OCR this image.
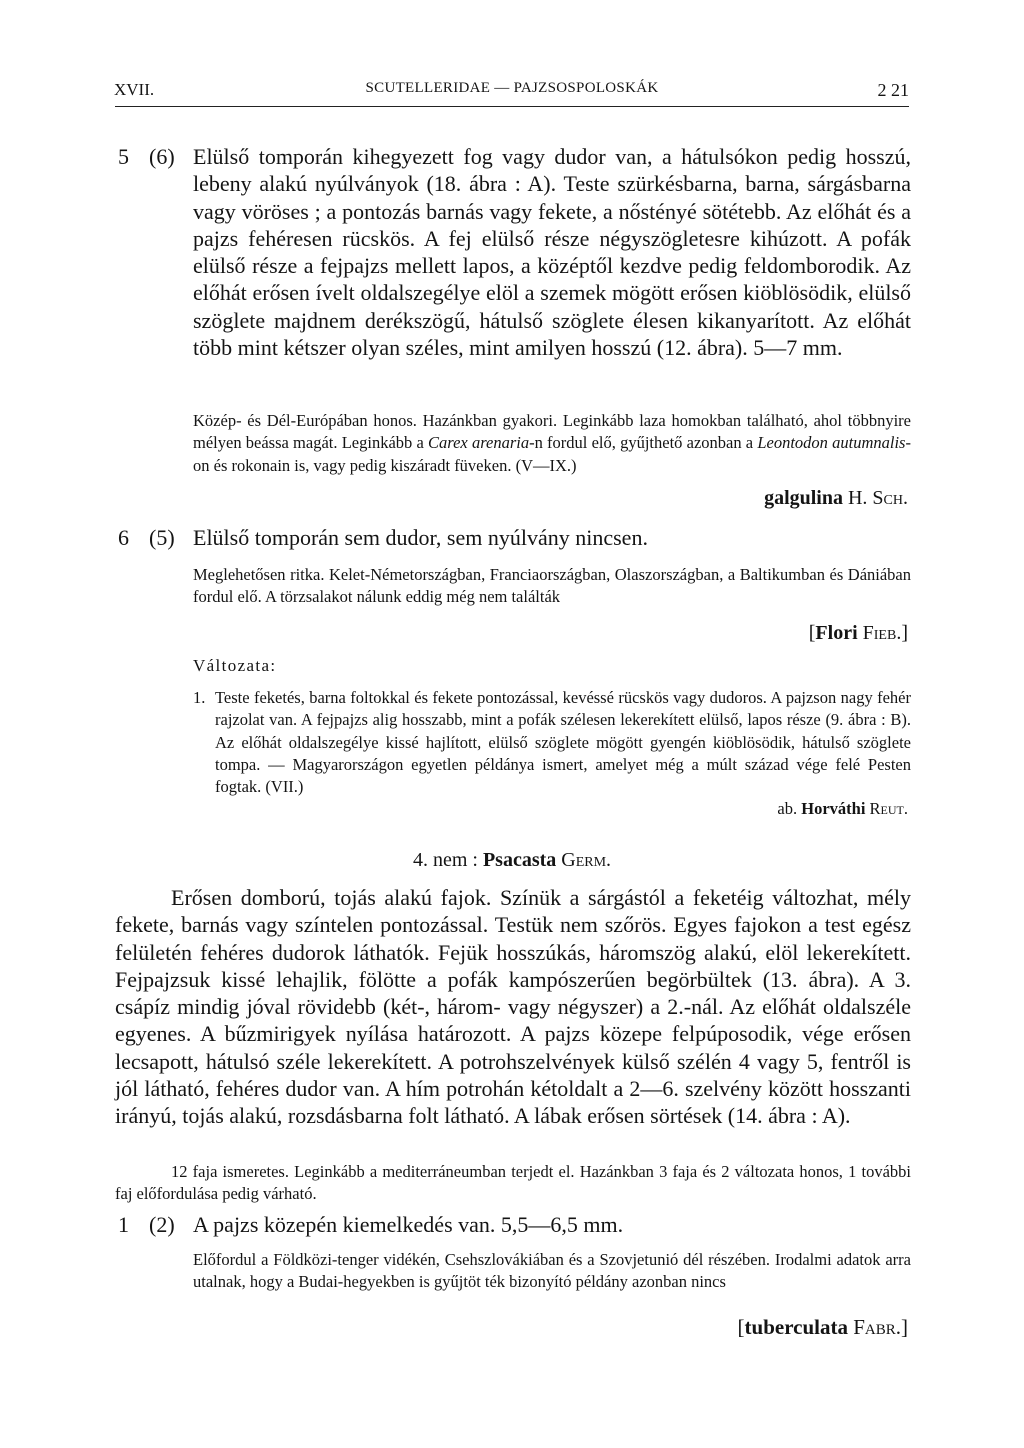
XVII.	SCUTELLERIDAE — PAJZSOSPOLOSKÁK	2 21
5 (6) Elülső tomporán kihegyezett fog vagy dudor van, a hátulsókon pedig hosszú, lebeny alakú nyúlványok (18. ábra : A). Teste szürkésbarna, barna, sárgásbarna vagy vöröses ; a pontozás barnás vagy fekete, a nőstényé sötétebb. Az előhát és a pajzs fehéresen rücskös. A fej elülső része négyszögletesre kihúzott. A pofák elülső része a fejpajzs mellett lapos, a középtől kezdve pedig feldomborodik. Az előhát erősen ívelt oldalszegélye elöl a szemek mögött erősen kiöblösödik, elülső szöglete majdnem derékszögű, hátulső szöglete élesen kikanyarított. Az előhát több mint kétszer olyan széles, mint amilyen hosszú (12. ábra). 5—7 mm.

Közép- és Dél-Európában honos. Hazánkban gyakori. Leginkább laza homokban található, ahol többnyire mélyen beássa magát. Leginkább a Carex arenaria-n fordul elő, gyűjthető azonban a Leontodon autumnalis-on és rokonain is, vagy pedig kiszáradt füveken. (V—IX.)

galgulina H. Sch.
6 (5) Elülső tomporán sem dudor, sem nyúlvány nincsen.

Meglehetősen ritka. Kelet-Németországban, Franciaországban, Olaszországban, a Baltikumban és Dániában fordul elő. A törzsalakot nálunk eddig még nem találták

[Flori Fieb.]
Változata:
1. Teste feketés, barna foltokkal és fekete pontozással, kevéssé rücskös vagy dudoros. A pajzson nagy fehér rajzolat van. A fejpajzs alig hosszabb, mint a pofák szélesen lekerekített elülső, lapos része (9. ábra : B). Az előhát oldalszegélye kissé hajlított, elülső szöglete mögött gyengén kiöblösödik, hátulső szöglete tompa. — Magyarországon egyetlen példánya ismert, amelyet még a múlt század vége felé Pesten fogtak. (VII.)

ab. Horváthi Reut.
4. nem : Psacasta Germ.

Erősen domború, tojás alakú fajok. Színük a sárgástól a feketéig változhat, mély fekete, barnás vagy színtelen pontozással. Testük nem szőrös. Egyes fajokon a test egész felületén fehéres dudorok láthatók. Fejük hosszúkás, háromszög alakú, elöl lekerekített. Fejpajzsuk kissé lehajlik, fölötte a pofák kampószerűen begörbültek (13. ábra). A 3. csápíz mindig jóval rövidebb (két-, három- vagy négyszer) a 2.-nál. Az előhát oldalszéle egyenes. A bűzmirigyek nyílása határozott. A pajzs közepe felpúposodik, vége erősen lecsapott, hátulsó széle lekerekített. A potrohszelvények külső szélén 4 vagy 5, fentről is jól látható, fehéres dudor van. A hím potrohán kétoldalt a 2—6. szelvény között hosszanti irányú, tojás alakú, rozsdásbarna folt látható. A lábak erősen sörtések (14. ábra : A).

12 faja ismeretes. Leginkább a mediterráneumban terjedt el. Hazánkban 3 faja és 2 változata honos, 1 további faj előfordulása pedig várható.

1 (2) A pajzs közepén kiemelkedés van. 5,5—6,5 mm.

Előfordul a Földközi-tenger vidékén, Csehszlovákiában és a Szovjetunió dél részében. Irodalmi adatok arra utalnak, hogy a Budai-hegyekben is gyűjtöt ték bizonyító példány azonban nincs

[tuberculata Fabr.]
